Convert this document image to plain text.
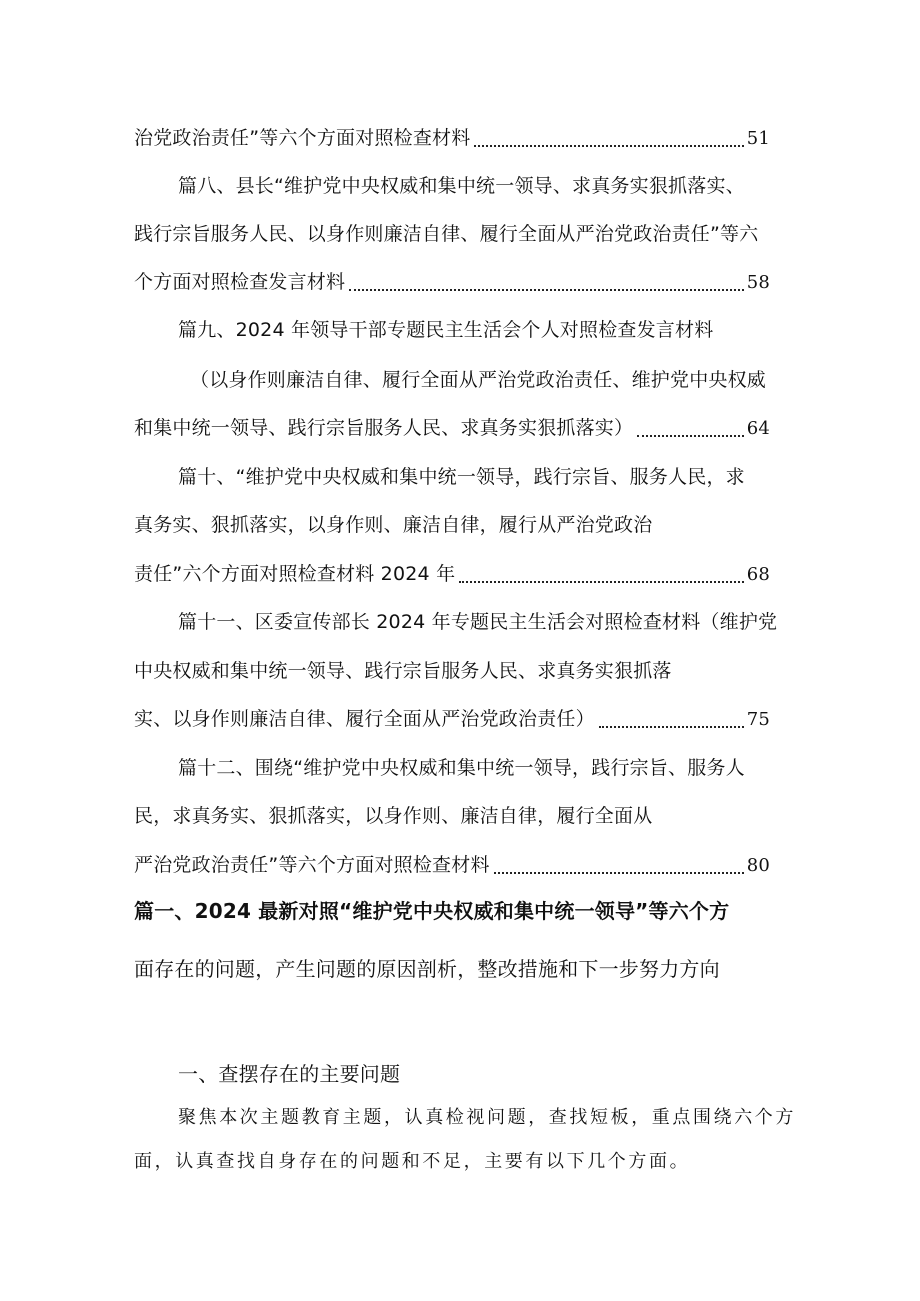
治党政治责任”等六个方面对照检查材料	51
篇八、县长“维护党中央权威和集中统一领导、求真务实狠抓落实、
践行宗旨服务人民、以身作则廉洁自律、履行全面从严治党政治责任”等六
个方面对照检查发言材料	58
篇九、2024 年领导干部专题民主生活会个人对照检查发言材料
（以身作则廉洁自律、履行全面从严治党政治责任、维护党中央权威
和集中统一领导、践行宗旨服务人民、求真务实狠抓落实）	64
篇十、“维护党中央权威和集中统一领导，践行宗旨、服务人民，求
真务实、狠抓落实，以身作则、廉洁自律，履行从严治党政治
责任”六个方面对照检查材料 2024 年	68
篇十一、区委宣传部长 2024 年专题民主生活会对照检查材料（维护党
中央权威和集中统一领导、践行宗旨服务人民、求真务实狠抓落
实、以身作则廉洁自律、履行全面从严治党政治责任）	75
篇十二、围绕“维护党中央权威和集中统一领导，践行宗旨、服务人
民，求真务实、狠抓落实，以身作则、廉洁自律，履行全面从
严治党政治责任”等六个方面对照检查材料	80
篇一、2024 最新对照“维护党中央权威和集中统一领导”等六个方
面存在的问题，产生问题的原因剖析，整改措施和下一步努力方向
一、查摆存在的主要问题
聚焦本次主题教育主题，认真检视问题，查找短板，重点围绕六个方
面，认真查找自身存在的问题和不足，主要有以下几个方面。
